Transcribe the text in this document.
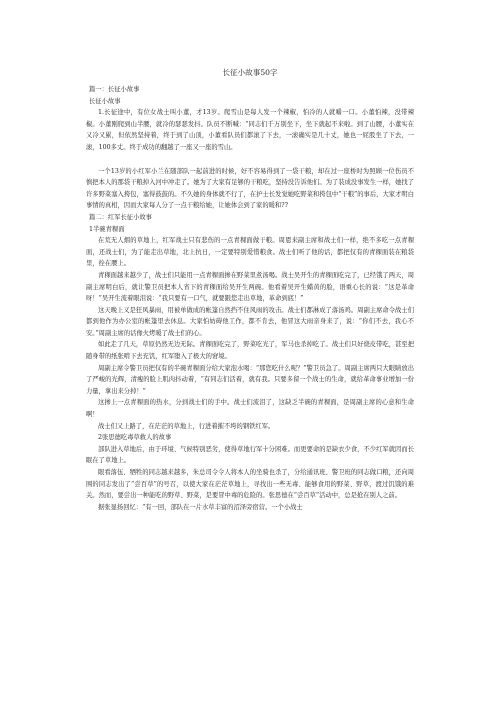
长征小故事50字

篇一：长征小故事

长征小故事

1.长征途中，有位女战士叫小董，才13岁。爬雪山是每人发一个辣椒，怕冷的人就嚼一口。小董怕辣，没带辣椒。小董刚爬到山半腰，就冷的瑟瑟发抖。队员不断喊：“同志们千万别坐下，坐下就起不来啦。到了山腰，小董实在又冷又累，但依然坚持着，终于到了山顶，小董看队员们都滚了下去，一滚确实是几十丈，她也一屁股坐了下去，一滚，100多丈。终于成功的翻越了一座又一座的雪山。

一个13岁的小红军小兰在随部队一起前进的时候，好不容易得到了一袋干粮，却在过一座桥时为照顾一位伤员不慎把本人的那袋干粮掉入河中冲走了。她为了大家有足够的干粮吃，坚持没告诉他们。为了装成没事发生一样，她找了许多野菜塞入挎包，塞得鼓鼓的。不久她的身体就不行了，在护士长发觉她吃野菜和挎包中“干粮”的事后，大家才明白事情的真相，因而大家每人分了一点干粮给她，让她体会到了家的暖和??

篇二：红军长征小故事

1半碗青稞面

在荒无人烟的草地上，红军战士只有悲伤的一点青稞面做干粮。周恩来副主席和战士们一样，绝不多吃一点青稞面，还战士们，为了能走出草地，北上抗日，一定要特别爱惜粮食。战士们听了他的话，都把仅有的青稞面装在粮袋里，拴在腰上。

青稞面越来越少了，战士们只能用一点青稞面掺在野菜里煮汤喝。战士吴开生的青稞面吃完了，已经饿了两天，周副主席明白后，就让警卫员把本人省下的青稞面给吴开生两碗。他看着吴开生蜡黄的脸，语重心长的说：“这是革命呀！”吴开生流着眼泪说：“我只要有一口气，就要跟您走出草地，革命到底！”

这天晚上又是狂风暴雨，用被单做成的帐篷自然挡不住风雨的攻击。战士们都淋成了落汤鸡。周副主席命令战士们都到他作为办公室的帐篷里去休息。大家怕妨碍他工作，都不肯去，他冒这大雨亲身来了，说：“你们不去，我心不安。”周副主席的话像火烤暖了战士们的心。

如此走了几天，草原仍然无边无际。青稞面吃完了，野菜吃光了，军马也杀掉吃了。战士们只好烧皮带吃，甚至把随身带的纸张啃下去充饥，红军堕入了极大的窘境。

周副主席令警卫员把仅有的半碗青稞面分给大家泡水喝：“那您吃什么呢？”警卫员急了。周副主席两只大眼睛放出了严峻的光辉，清瘦的脸上肌肉抖动着，“有同志们活着，就有我。只要多留一个战士的生命，就给革命事业增加一份力量，拿出来分掉！”

这掺上一点青稞面的热水，分到战士们的手中。战士们流泪了，这缺乏半碗的青稞面，是周副主席的心意和生命啊！

战士们又上路了，在茫茫的草地上，行进着摧不垮的钢铁红军。

2张思德吃毒草救人的故事

部队进入草地后，由于环境、气候特别恶劣，使得草地行军十分困难。而更要命的是缺衣少食，不少红军就因而长眠在了草地上。

眼看落伍、牺牲的同志越来越多，朱总司令令人将本人的坐骑也杀了，分给通讯班、警卫班的同志做口粮，还向周围的同志发出了“尝百草”的号召，以使大家在茫茫草地上，寻找出一些无毒、能够食用的野菜、野草，渡过饥饿的难关。然而，要尝出一种能吃的野草、野菜，是要冒中毒的危险的。张思德在“尝百草”活动中，总是抢在别人之前。

据张显扬回忆：“有一回，部队在一片水草丰富的沼泽旁宿营。一个小战士
